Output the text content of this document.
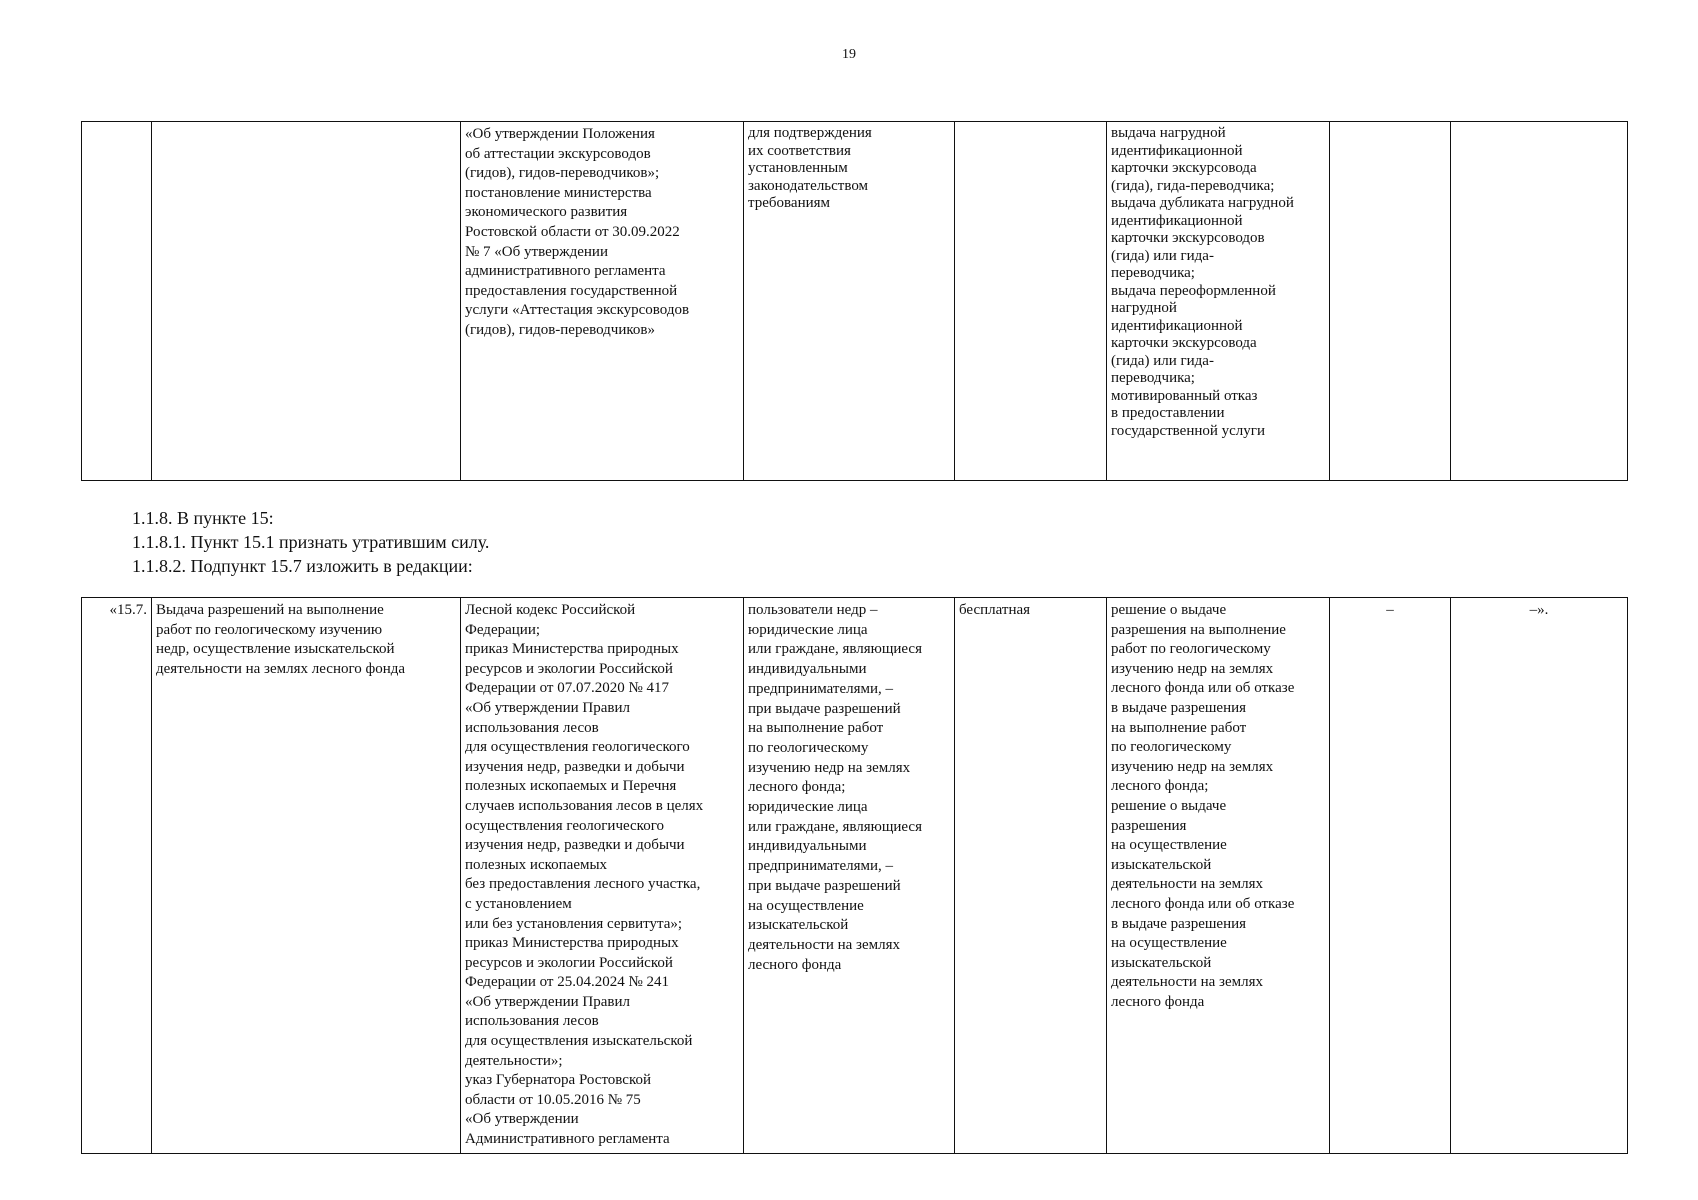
19
		«Об утверждении Положения
об аттестации экскурсоводов
(гидов), гидов-переводчиков»;
постановление министерства
экономического развития
Ростовской области от 30.09.2022
№ 7 «Об утверждении
административного регламента
предоставления государственной
услуги «Аттестация экскурсоводов
(гидов), гидов-переводчиков»	для подтверждения
их соответствия
установленным
законодательством
требованиям		выдача нагрудной
идентификационной
карточки экскурсовода
(гида), гида-переводчика;
выдача дубликата нагрудной
идентификационной
карточки экскурсоводов
(гида) или гида-
переводчика;
выдача переоформленной
нагрудной
идентификационной
карточки экскурсовода
(гида) или гида-
переводчика;
мотивированный отказ
в предоставлении
государственной услуги		
1.1.8. В пункте 15:
1.1.8.1. Пункт 15.1 признать утратившим силу.
1.1.8.2. Подпункт 15.7 изложить в редакции:
«15.7.	Выдача разрешений на выполнение
работ по геологическому изучению
недр, осуществление изыскательской
деятельности на землях лесного фонда	Лесной кодекс Российской
Федерации;
приказ Министерства природных
ресурсов и экологии Российской
Федерации от 07.07.2020 № 417
«Об утверждении Правил
использования лесов
для осуществления геологического
изучения недр, разведки и добычи
полезных ископаемых и Перечня
случаев использования лесов в целях
осуществления геологического
изучения недр, разведки и добычи
полезных ископаемых
без предоставления лесного участка,
с установлением
или без установления сервитута»;
приказ Министерства природных
ресурсов и экологии Российской
Федерации от 25.04.2024 № 241
«Об утверждении Правил
использования лесов
для осуществления изыскательской
деятельности»;
указ Губернатора Ростовской
области от 10.05.2016 № 75
«Об утверждении
Административного регламента	пользователи недр –
юридические лица
или граждане, являющиеся
индивидуальными
предпринимателями, –
при выдаче разрешений
на выполнение работ
по геологическому
изучению недр на землях
лесного фонда;
юридические лица
или граждане, являющиеся
индивидуальными
предпринимателями, –
при выдаче разрешений
на осуществление
изыскательской
деятельности на землях
лесного фонда	бесплатная	решение о выдаче
разрешения на выполнение
работ по геологическому
изучению недр на землях
лесного фонда или об отказе
в выдаче разрешения
на выполнение работ
по геологическому
изучению недр на землях
лесного фонда;
решение о выдаче
разрешения
на осуществление
изыскательской
деятельности на землях
лесного фонда или об отказе
в выдаче разрешения
на осуществление
изыскательской
деятельности на землях
лесного фонда	–	–».
